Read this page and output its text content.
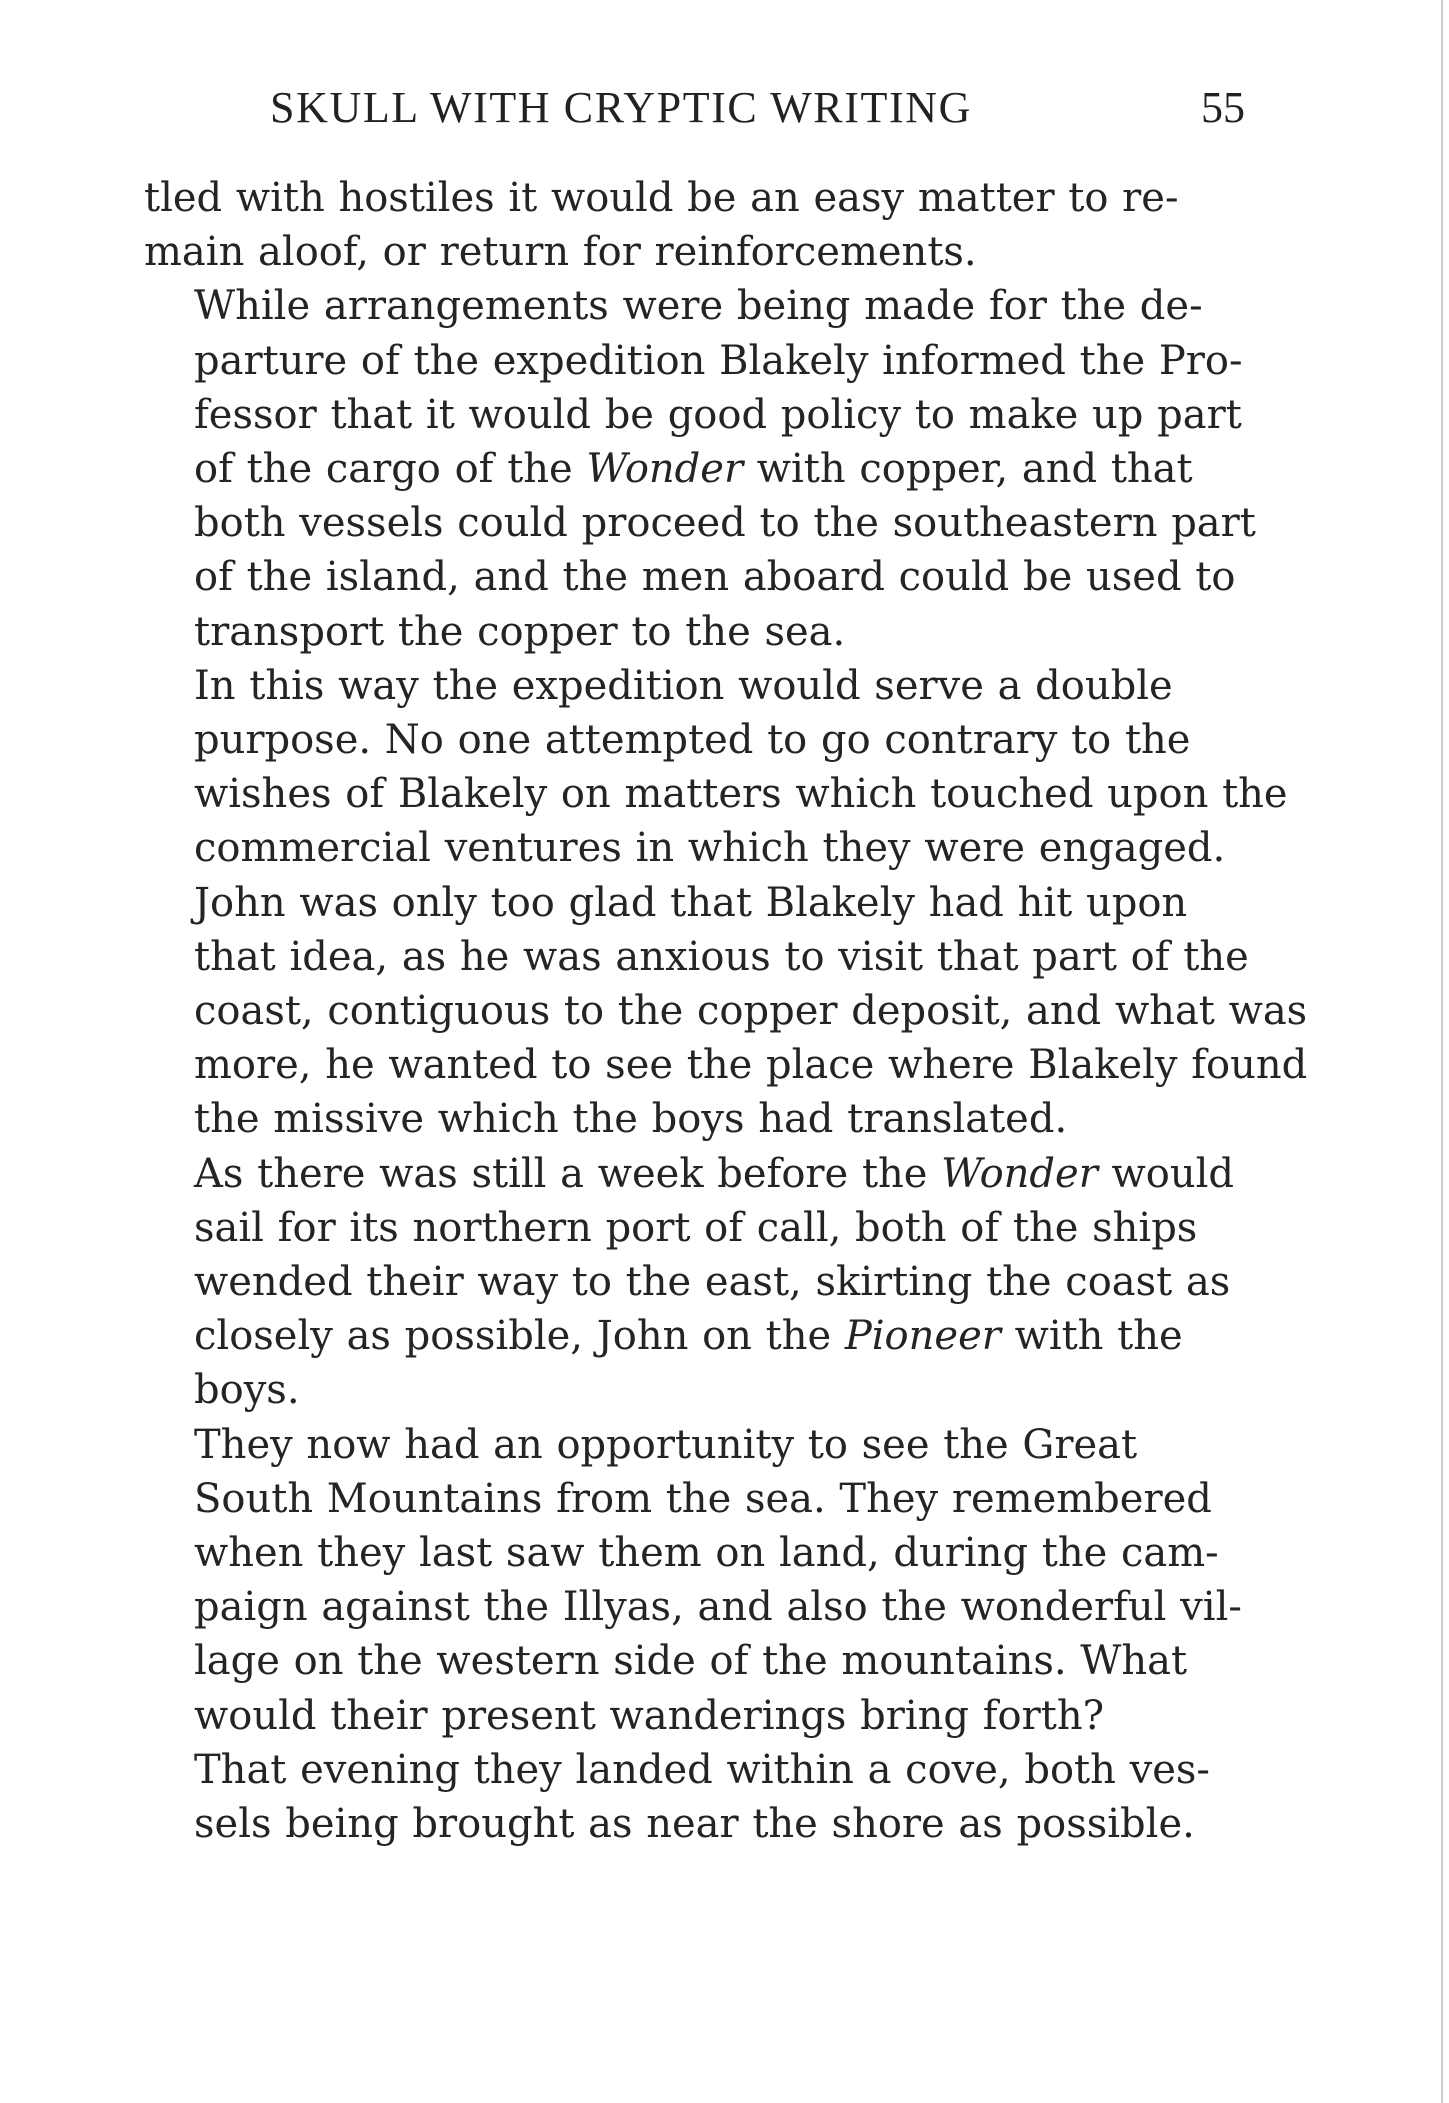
SKULL WITH CRYPTIC WRITING	55

tled with hostiles it would be an easy matter to re-
main aloof, or return for reinforcements.

While arrangements were being made for the de-
parture of the expedition Blakely informed the Pro-
fessor that it would be good policy to make up part
of the cargo of the Wonder with copper, and that
both vessels could proceed to the southeastern part
of the island, and the men aboard could be used to
transport the copper to the sea.

In this way the expedition would serve a double
purpose. No one attempted to go contrary to the
wishes of Blakely on matters which touched upon the
commercial ventures in which they were engaged.

John was only too glad that Blakely had hit upon
that idea, as he was anxious to visit that part of the
coast, contiguous to the copper deposit, and what was
more, he wanted to see the place where Blakely found
the missive which the boys had translated.

As there was still a week before the Wonder would
sail for its northern port of call, both of the ships
wended their way to the east, skirting the coast as
closely as possible, John on the Pioneer with the
boys.

They now had an opportunity to see the Great
South Mountains from the sea. They remembered
when they last saw them on land, during the cam-
paign against the Illyas, and also the wonderful vil-
lage on the western side of the mountains. What
would their present wanderings bring forth?

That evening they landed within a cove, both ves-
sels being brought as near the shore as possible.
